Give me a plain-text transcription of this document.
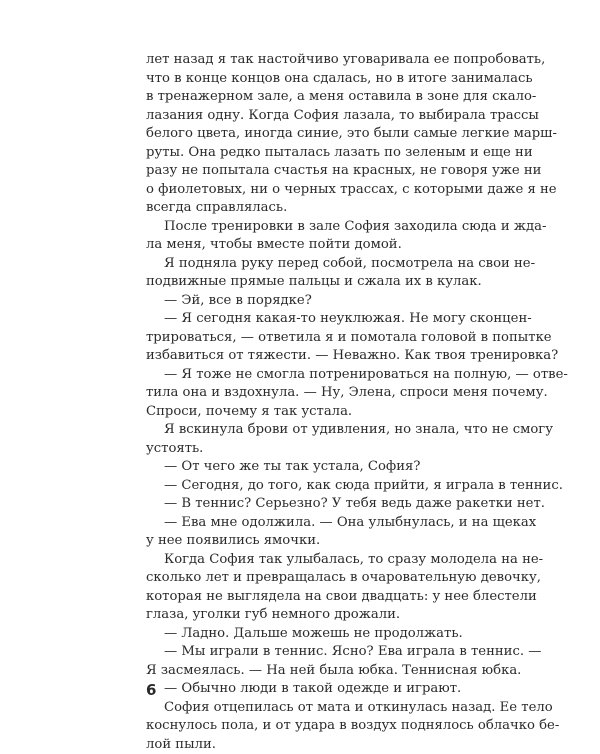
лет назад я так настойчиво уговаривала ее попробовать,
что в конце концов она сдалась, но в итоге занималась
в тренажерном зале, а меня оставила в зоне для скало-
лазания одну. Когда София лазала, то выбирала трассы
белого цвета, иногда синие, это были самые легкие марш-
руты. Она редко пыталась лазать по зеленым и еще ни
разу не попытала счастья на красных, не говоря уже ни
о фиолетовых, ни о черных трассах, с которыми даже я не
всегда справлялась.
После тренировки в зале София заходила сюда и жда-
ла меня, чтобы вместе пойти домой.
Я подняла руку перед собой, посмотрела на свои не-
подвижные прямые пальцы и сжала их в кулак.
— Эй, все в порядке?
— Я сегодня какая-то неуклюжая. Не могу сконцен-
трироваться, — ответила я и помотала головой в попытке
избавиться от тяжести. — Неважно. Как твоя тренировка?
— Я тоже не смогла потренироваться на полную, — отве-
тила она и вздохнула. — Ну, Элена, спроси меня почему.
Спроси, почему я так устала.
Я вскинула брови от удивления, но знала, что не смогу
устоять.
— От чего же ты так устала, София?
— Сегодня, до того, как сюда прийти, я играла в теннис.
— В теннис? Серьезно? У тебя ведь даже ракетки нет.
— Ева мне одолжила. — Она улыбнулась, и на щеках
у нее появились ямочки.
Когда София так улыбалась, то сразу молодела на не-
сколько лет и превращалась в очаровательную девочку,
которая не выглядела на свои двадцать: у нее блестели
глаза, уголки губ немного дрожали.
— Ладно. Дальше можешь не продолжать.
— Мы играли в теннис. Ясно? Ева играла в теннис. —
Я засмеялась. — На ней была юбка. Теннисная юбка.
— Обычно люди в такой одежде и играют.
София отцепилась от мата и откинулась назад. Ее тело
коснулось пола, и от удара в воздух поднялось облачко бе-
лой пыли.
6
